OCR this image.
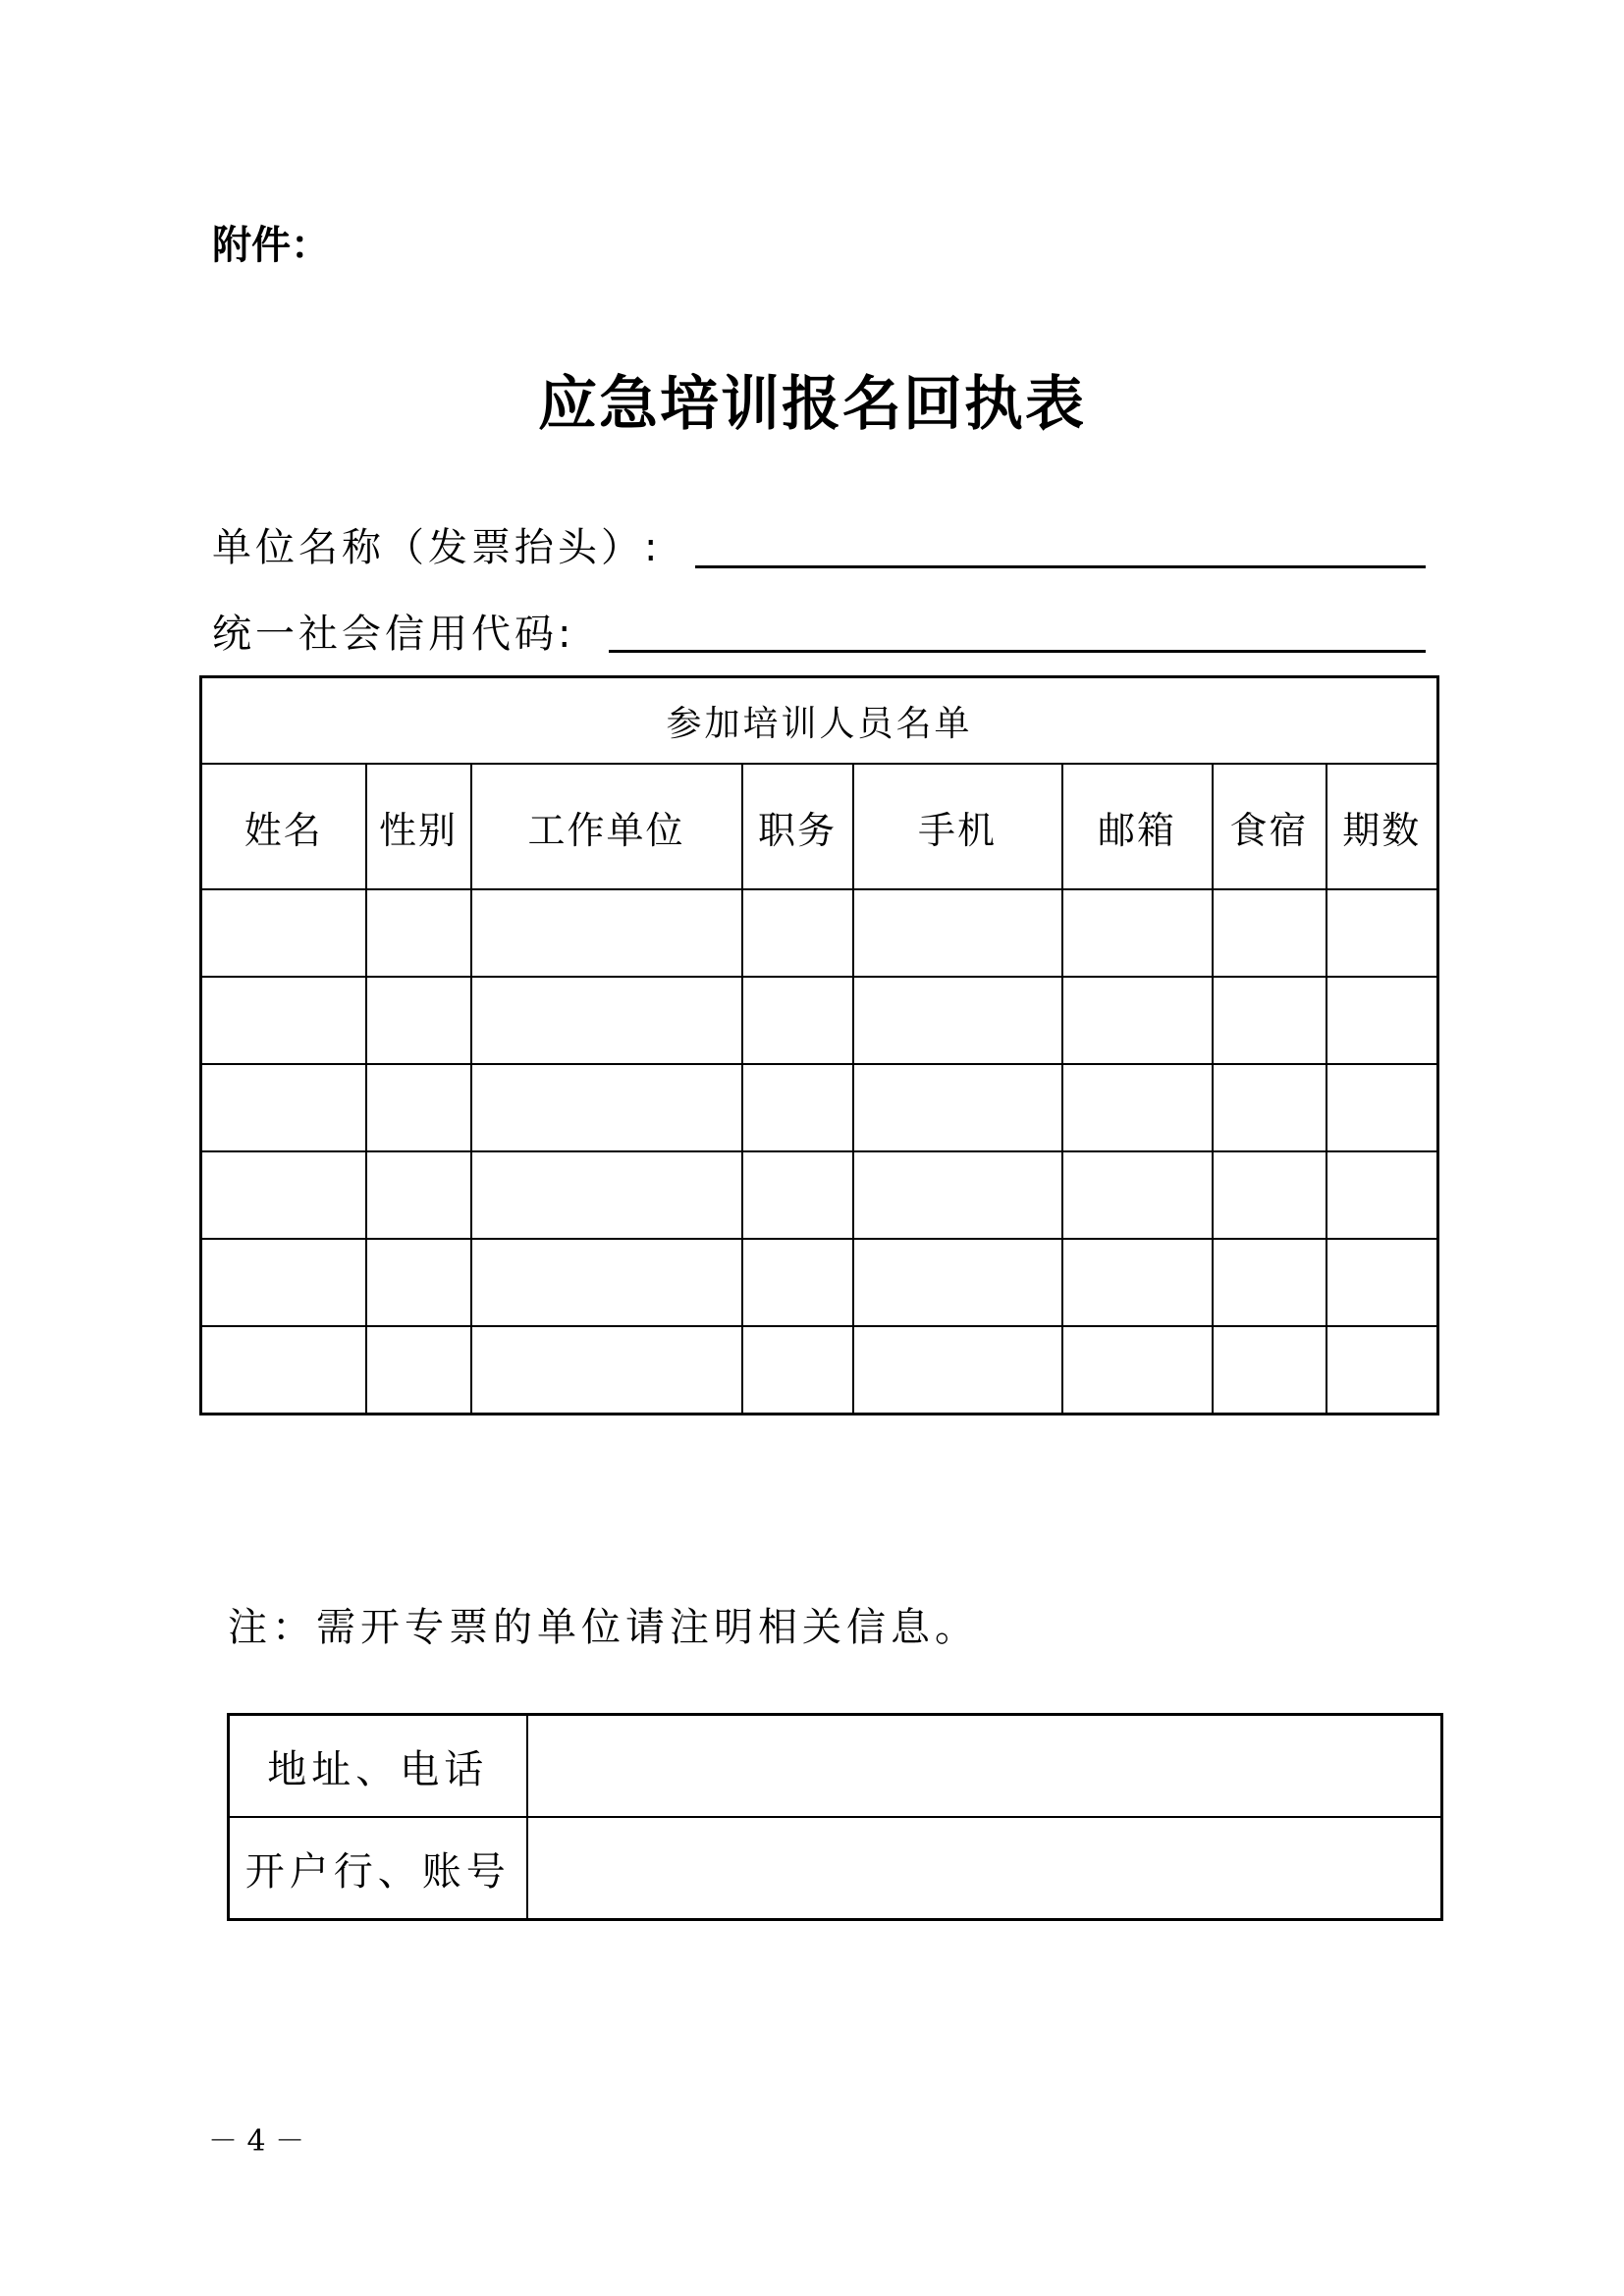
附件：
应急培训报名回执表
单位名称（发票抬头）:
统一社会信用代码:
参加培训人员名单							
姓名	性别	工作单位	职务	手机	邮箱	食宿	期数

注：需开专票的单位请注明相关信息。
地址、电话	
开户行、账号	
－ 4 －
